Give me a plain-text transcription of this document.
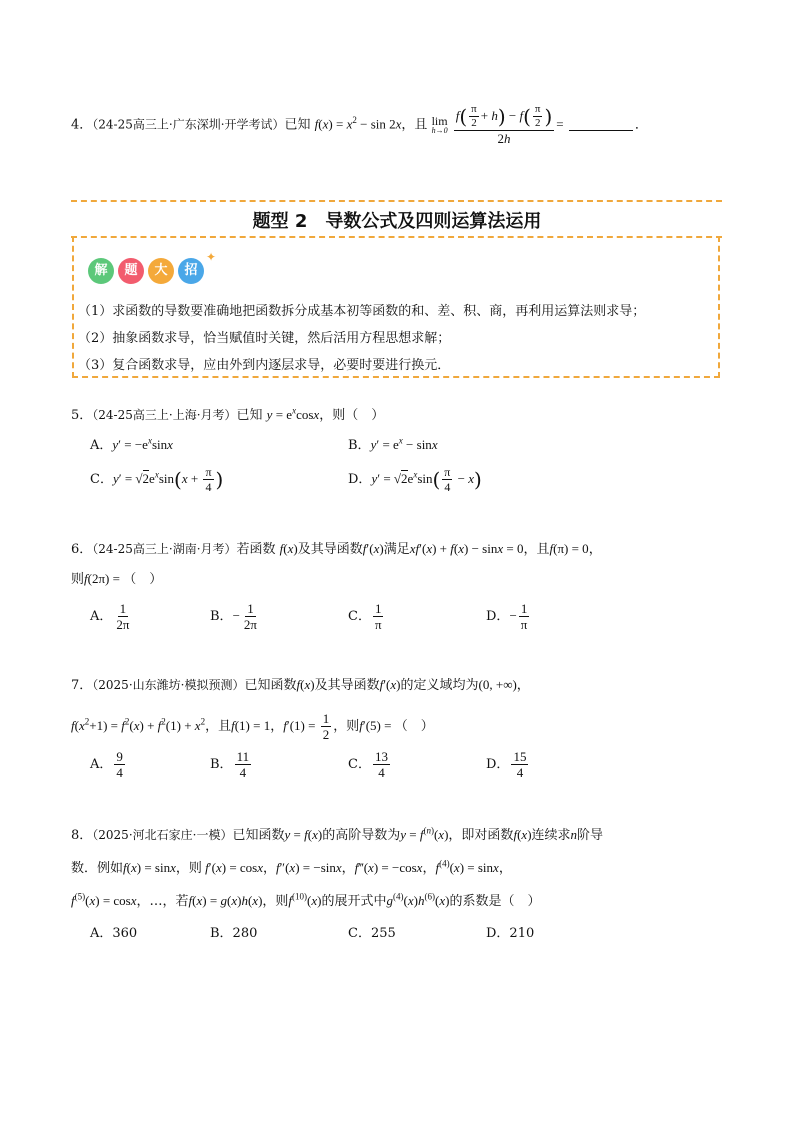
4．（24-25高三上·广东深圳·开学考试）已知 $f(x) = x^2 - \sin 2x$，且 lim
h→0
$\frac{f( \frac{\pi}{2} + h) - f( \frac{\pi}{2} )}{2h}$ =	．
题型 2　导数公式及四则运算法运用
解	题	大	招
✦
（1）求函数的导数要准确地把函数拆分成基本初等函数的和、差、积、商，再利用运算法则求导；
（2）抽象函数求导，恰当赋值时关键，然后活用方程思想求解；
（3）复合函数求导，应由外到内逐层求导，必要时要进行换元．
5．（24-25高三上·上海·月考）已知 $y = e^x\cos x$，则（　）
A．$y' = -e^x\sin x$	B．$y' = e^x - \sin x$
C．$y' = √2e^x\sin(x + \frac{\pi}{4}$ )	D．$y' = √2e^x\sin( \frac{\pi}{4} - x)$
6．（24-25高三上·湖南·月考）若函数 f(x)及其导函数f′(x)满足xf′(x) + f(x) − sinx = 0，且f(π) = 0，
则f(2π) = （　）
A． $\frac{1}{2\pi}$	B．− $\frac{1}{2\pi}$	C． $\frac{1}{\pi}$	D．− $\frac{1}{\pi}$
7．（2025·山东潍坊·模拟预测）已知函数f(x)及其导函数f′(x)的定义域均为(0, +∞)，
$f(x^2+1) = f^2(x) + f^2(1) + x^2$，且f(1) = 1，$f'(1) = \frac{1}{2}$ ，则f′(5) = （　）
A． $\frac{9}{4}$	B． $\frac{11}{4}$	C． $\frac{13}{4}$	D． $\frac{15}{4}$
8．（2025·河北石家庄·一模）已知函数y = f(x)的高阶导数为$y = f^{(n)}(x)$，即对函数f(x)连续求n阶导
数．例如f(x) = sinx，则 f′(x) = cosx，f″(x) = −sinx，f‴(x) = −cosx，$f^{(4)}(x) = \sin x$，
$f^{(5)}(x) = \cos x$，…，若f(x) = g(x)h(x)，则$f^{(10)}(x)$的展开式中$g^{(4)}(x)h^{(6)}(x)$的系数是（　）
A．360	B．280	C．255	D．210
